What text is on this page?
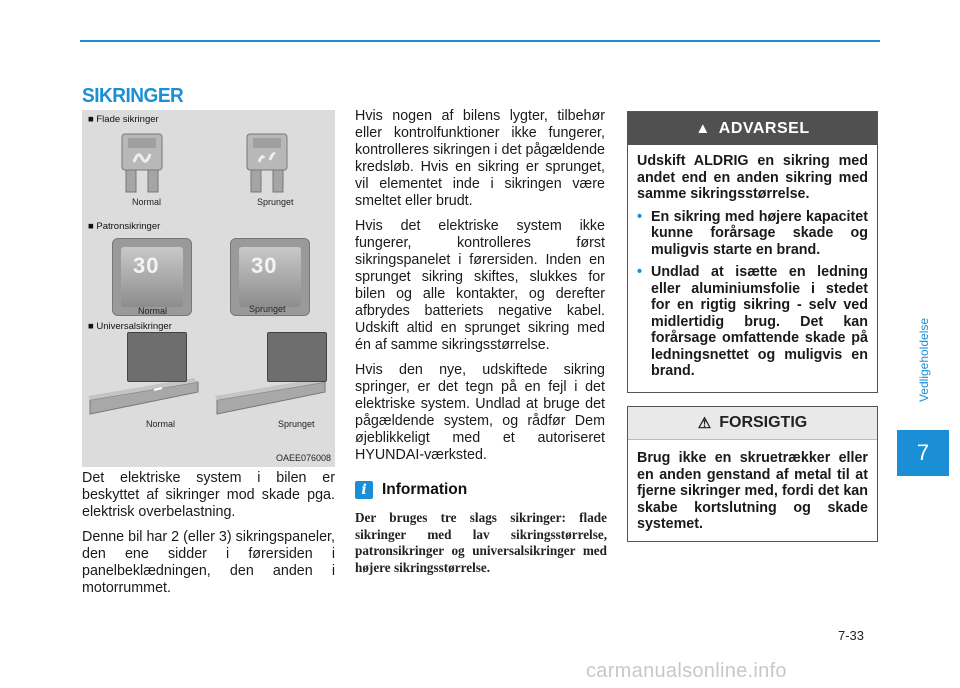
SIKRINGER
■ Flade sikringer
Normal	Sprunget
■ Patronsikringer
30	30
Normal	Sprunget
■ Universalsikringer
Normal	Sprunget
OAEE076008

Det elektriske system i bilen er beskyttet af sikringer mod skade pga. elektrisk overbelastning.

Denne bil har 2 (eller 3) sikringspaneler, den ene sidder i førersiden i panelbeklædningen, den anden i motorrummet.

Hvis nogen af bilens lygter, tilbehør eller kontrolfunktioner ikke fungerer, kontrolleres sikringen i det pågældende kredsløb. Hvis en sikring er sprunget, vil elementet inde i sikringen være smeltet eller brudt.

Hvis det elektriske system ikke fungerer, kontrolleres først sikringspanelet i førersiden. Inden en sprunget sikring skiftes, slukkes for bilen og alle kontakter, og derefter afbrydes batteriets negative kabel. Udskift altid en sprunget sikring med én af samme sikringsstørrelse.

Hvis den nye, udskiftede sikring springer, er det tegn på en fejl i det elektriske system. Undlad at bruge det pågældende system, og rådfør Dem øjeblikkeligt med et autoriseret HYUNDAI-værksted.

i Information
Der bruges tre slags sikringer: flade sikringer med lav sikringsstørrelse, patronsikringer og universalsikringer med højere sikringsstørrelse.
▲ ADVARSEL

Udskift ALDRIG en sikring med andet end en anden sikring med samme sikringsstørrelse.

• En sikring med højere kapacitet kunne forårsage skade og muligvis starte en brand.
• Undlad at isætte en ledning eller aluminiumsfolie i stedet for en rigtig sikring - selv ved midlertidig brug. Det kan forårsage omfattende skade på ledningsnettet og muligvis en brand.
⚠ FORSIGTIG
Brug ikke en skruetrækker eller en anden genstand af metal til at fjerne sikringer med, fordi det kan skabe kortslutning og skade systemet.
Vedligeholdelse
7
7-33
carmanualsonline.info
